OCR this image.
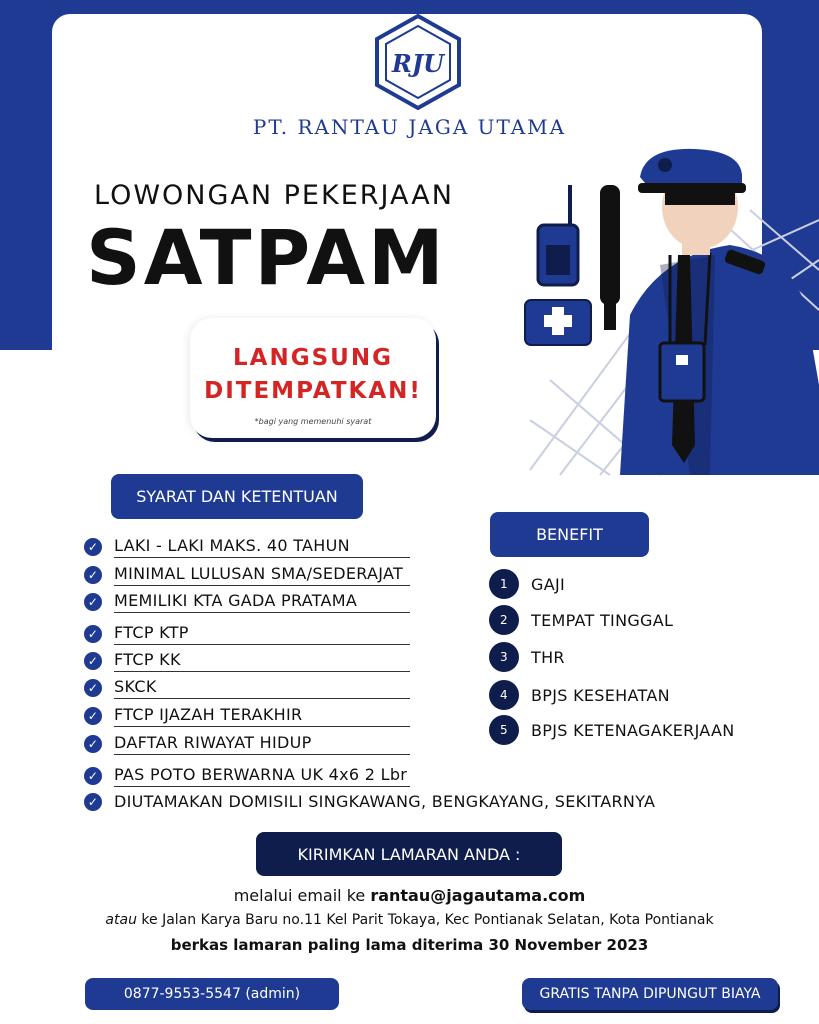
RJU
PT. RANTAU JAGA UTAMA
LOWONGAN PEKERJAAN
SATPAM
LANGSUNG
DITEMPATKAN!
*bagi yang memenuhi syarat
SYARAT DAN KETENTUAN
✓ LAKI - LAKI MAKS. 40 TAHUN
✓ MINIMAL LULUSAN SMA/SEDERAJAT
✓ MEMILIKI KTA GADA PRATAMA
✓ FTCP KTP
✓ FTCP KK
✓ SKCK
✓ FTCP IJAZAH TERAKHIR
✓ DAFTAR RIWAYAT HIDUP
✓ PAS POTO BERWARNA UK 4x6 2 Lbr
✓ DIUTAMAKAN DOMISILI SINGKAWANG, BENGKAYANG, SEKITARNYA
BENEFIT
1	GAJI
2	TEMPAT TINGGAL
3	THR
4	BPJS KESEHATAN
5	BPJS KETENAGAKERJAAN
KIRIMKAN LAMARAN ANDA :
melalui email ke rantau@jagautama.com
atau ke Jalan Karya Baru no.11 Kel Parit Tokaya, Kec Pontianak Selatan, Kota Pontianak
berkas lamaran paling lama diterima 30 November 2023
0877-9553-5547 (admin)	GRATIS TANPA DIPUNGUT BIAYA
